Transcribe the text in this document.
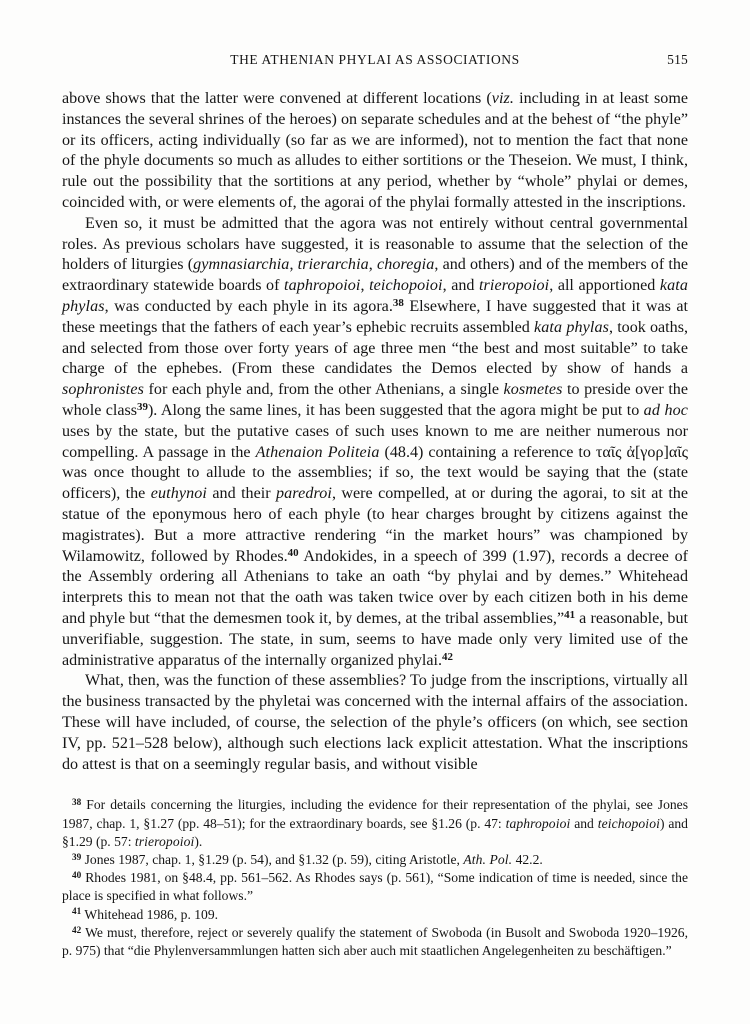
THE ATHENIAN PHYLAI AS ASSOCIATIONS	515

above shows that the latter were convened at different locations (viz. including in at least some instances the several shrines of the heroes) on separate schedules and at the behest of “the phyle” or its officers, acting individually (so far as we are informed), not to mention the fact that none of the phyle documents so much as alludes to either sortitions or the Theseion. We must, I think, rule out the possibility that the sortitions at any period, whether by “whole” phylai or demes, coincided with, or were elements of, the agorai of the phylai formally attested in the inscriptions.

Even so, it must be admitted that the agora was not entirely without central governmental roles. As previous scholars have suggested, it is reasonable to assume that the selection of the holders of liturgies (gymnasiarchia, trierarchia, choregia, and others) and of the members of the extraordinary statewide boards of taphropoioi, teichopoioi, and trieropoioi, all apportioned kata phylas, was conducted by each phyle in its agora.$^{38}$ Elsewhere, I have suggested that it was at these meetings that the fathers of each year’s ephebic recruits assembled kata phylas, took oaths, and selected from those over forty years of age three men “the best and most suitable” to take charge of the ephebes. (From these candidates the Demos elected by show of hands a sophronistes for each phyle and, from the other Athenians, a single kosmetes to preside over the whole class$^{39}$). Along the same lines, it has been suggested that the agora might be put to ad hoc uses by the state, but the putative cases of such uses known to me are neither numerous nor compelling. A passage in the Athenaion Politeia (48.4) containing a reference to ταῖς ἀ[γορ]αῖς was once thought to allude to the assemblies; if so, the text would be saying that the (state officers), the euthynoi and their paredroi, were compelled, at or during the agorai, to sit at the statue of the eponymous hero of each phyle (to hear charges brought by citizens against the magistrates). But a more attractive rendering “in the market hours” was championed by Wilamowitz, followed by Rhodes.$^{40}$ Andokides, in a speech of 399 (1.97), records a decree of the Assembly ordering all Athenians to take an oath “by phylai and by demes.” Whitehead interprets this to mean not that the oath was taken twice over by each citizen both in his deme and phyle but “that the demesmen took it, by demes, at the tribal assemblies,”$^{41}$ a reasonable, but unverifiable, suggestion. The state, in sum, seems to have made only very limited use of the administrative apparatus of the internally organized phylai.$^{42}$

What, then, was the function of these assemblies? To judge from the inscriptions, virtually all the business transacted by the phyletai was concerned with the internal affairs of the association. These will have included, of course, the selection of the phyle’s officers (on which, see section IV, pp. 521–528 below), although such elections lack explicit attestation. What the inscriptions do attest is that on a seemingly regular basis, and without visible

$^{38}$ For details concerning the liturgies, including the evidence for their representation of the phylai, see Jones 1987, chap. 1, §1.27 (pp. 48–51); for the extraordinary boards, see §1.26 (p. 47: taphropoioi and teichopoioi) and §1.29 (p. 57: trieropoioi).

$^{39}$ Jones 1987, chap. 1, §1.29 (p. 54), and §1.32 (p. 59), citing Aristotle, Ath. Pol. 42.2.

$^{40}$ Rhodes 1981, on §48.4, pp. 561–562. As Rhodes says (p. 561), “Some indication of time is needed, since the place is specified in what follows.”

$^{41}$ Whitehead 1986, p. 109.

$^{42}$ We must, therefore, reject or severely qualify the statement of Swoboda (in Busolt and Swoboda 1920–1926, p. 975) that “die Phylenversammlungen hatten sich aber auch mit staatlichen Angelegenheiten zu beschäftigen.”
